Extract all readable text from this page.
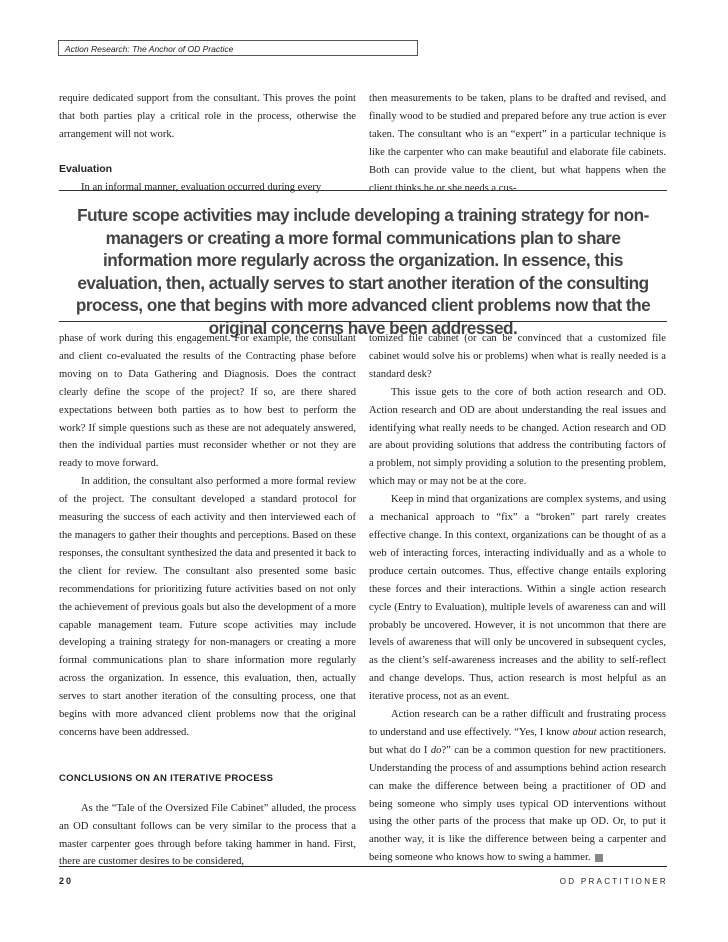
Action Research: The Anchor of OD Practice

require dedicated support from the consultant. This proves the point that both parties play a critical role in the process, otherwise the arrangement will not work.

Evaluation

In an informal manner, evaluation occurred during every

then measurements to be taken, plans to be drafted and revised, and finally wood to be studied and prepared before any true action is ever taken. The consultant who is an “expert” in a particular technique is like the carpenter who can make beautiful and elaborate file cabinets. Both can provide value to the client, but what happens when the client thinks he or she needs a cus-

Future scope activities may include developing a training strategy for non-managers or creating a more formal communications plan to share information more regularly across the organization. In essence, this evaluation, then, actually serves to start another iteration of the consulting process, one that begins with more advanced client problems now that the original concerns have been addressed.

phase of work during this engagement. For example, the consultant and client co-evaluated the results of the Contracting phase before moving on to Data Gathering and Diagnosis. Does the contract clearly define the scope of the project? If so, are there shared expectations between both parties as to how best to perform the work? If simple questions such as these are not adequately answered, then the individual parties must reconsider whether or not they are ready to move forward.

In addition, the consultant also performed a more formal review of the project. The consultant developed a standard protocol for measuring the success of each activity and then interviewed each of the managers to gather their thoughts and perceptions. Based on these responses, the consultant synthesized the data and presented it back to the client for review. The consultant also presented some basic recommendations for prioritizing future activities based on not only the achievement of previous goals but also the development of a more capable management team. Future scope activities may include developing a training strategy for non-managers or creating a more formal communications plan to share information more regularly across the organization. In essence, this evaluation, then, actually serves to start another iteration of the consulting process, one that begins with more advanced client problems now that the original concerns have been addressed.

CONCLUSIONS ON AN ITERATIVE PROCESS

As the “Tale of the Oversized File Cabinet” alluded, the process an OD consultant follows can be very similar to the process that a master carpenter goes through before taking hammer in hand. First, there are customer desires to be considered,

tomized file cabinet (or can be convinced that a customized file cabinet would solve his or problems) when what is really needed is a standard desk?

This issue gets to the core of both action research and OD. Action research and OD are about understanding the real issues and identifying what really needs to be changed. Action research and OD are about providing solutions that address the contributing factors of a problem, not simply providing a solution to the presenting problem, which may or may not be at the core.

Keep in mind that organizations are complex systems, and using a mechanical approach to “fix” a “broken” part rarely creates effective change. In this context, organizations can be thought of as a web of interacting forces, interacting individually and as a whole to produce certain outcomes. Thus, effective change entails exploring these forces and their interactions. Within a single action research cycle (Entry to Evaluation), multiple levels of awareness can and will probably be uncovered. However, it is not uncommon that there are levels of awareness that will only be uncovered in subsequent cycles, as the client’s self-awareness increases and the ability to self-reflect and change develops. Thus, action research is most helpful as an iterative process, not as an event.

Action research can be a rather difficult and frustrating process to understand and use effectively. “Yes, I know about action research, but what do I do?” can be a common question for new practitioners. Understanding the process of and assumptions behind action research can make the difference between being a practitioner of OD and being someone who simply uses typical OD interventions without using the other parts of the process that make up OD. Or, to put it another way, it is like the difference between being a carpenter and being someone who knows how to swing a hammer.

20	OD PRACTITIONER
